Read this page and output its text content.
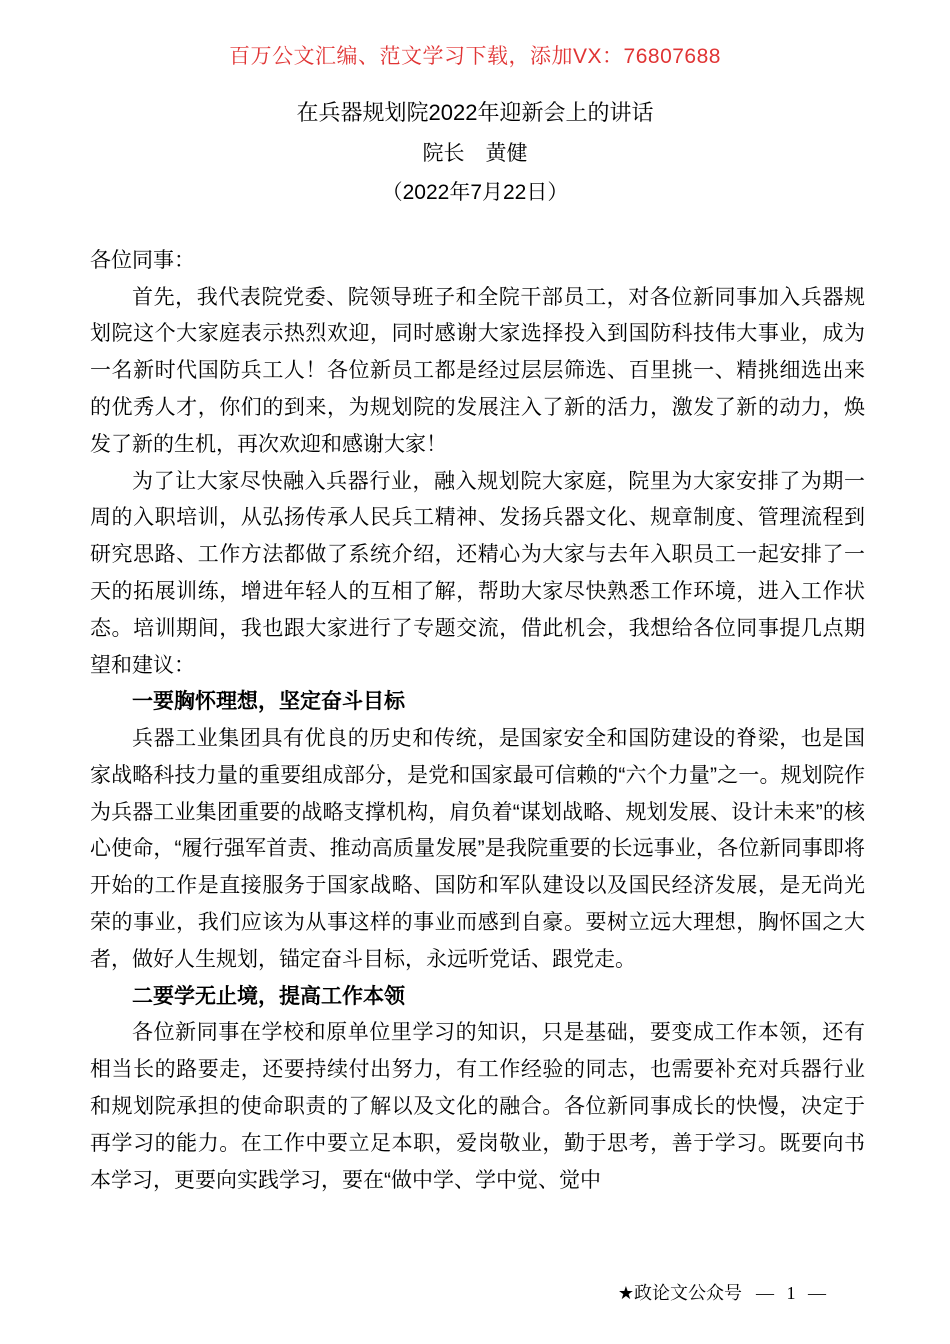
百万公文汇编、范文学习下载，添加VX：76807688
在兵器规划院2022年迎新会上的讲话
院长　黄健
（2022年7月22日）
各位同事：
首先，我代表院党委、院领导班子和全院干部员工，对各位新同事加入兵器规划院这个大家庭表示热烈欢迎，同时感谢大家选择投入到国防科技伟大事业，成为一名新时代国防兵工人！各位新员工都是经过层层筛选、百里挑一、精挑细选出来的优秀人才，你们的到来，为规划院的发展注入了新的活力，激发了新的动力，焕发了新的生机，再次欢迎和感谢大家！
为了让大家尽快融入兵器行业，融入规划院大家庭，院里为大家安排了为期一周的入职培训，从弘扬传承人民兵工精神、发扬兵器文化、规章制度、管理流程到研究思路、工作方法都做了系统介绍，还精心为大家与去年入职员工一起安排了一天的拓展训练，增进年轻人的互相了解，帮助大家尽快熟悉工作环境，进入工作状态。培训期间，我也跟大家进行了专题交流，借此机会，我想给各位同事提几点期望和建议：
一要胸怀理想，坚定奋斗目标
兵器工业集团具有优良的历史和传统，是国家安全和国防建设的脊梁，也是国家战略科技力量的重要组成部分，是党和国家最可信赖的“六个力量”之一。规划院作为兵器工业集团重要的战略支撑机构，肩负着“谋划战略、规划发展、设计未来”的核心使命，“履行强军首责、推动高质量发展”是我院重要的长远事业，各位新同事即将开始的工作是直接服务于国家战略、国防和军队建设以及国民经济发展，是无尚光荣的事业，我们应该为从事这样的事业而感到自豪。要树立远大理想，胸怀国之大者，做好人生规划，锚定奋斗目标，永远听党话、跟党走。
二要学无止境，提高工作本领
各位新同事在学校和原单位里学习的知识，只是基础，要变成工作本领，还有相当长的路要走，还要持续付出努力，有工作经验的同志，也需要补充对兵器行业和规划院承担的使命职责的了解以及文化的融合。各位新同事成长的快慢，决定于再学习的能力。在工作中要立足本职，爱岗敬业，勤于思考，善于学习。既要向书本学习，更要向实践学习，要在“做中学、学中觉、觉中
★政论文公众号 — 1 —
